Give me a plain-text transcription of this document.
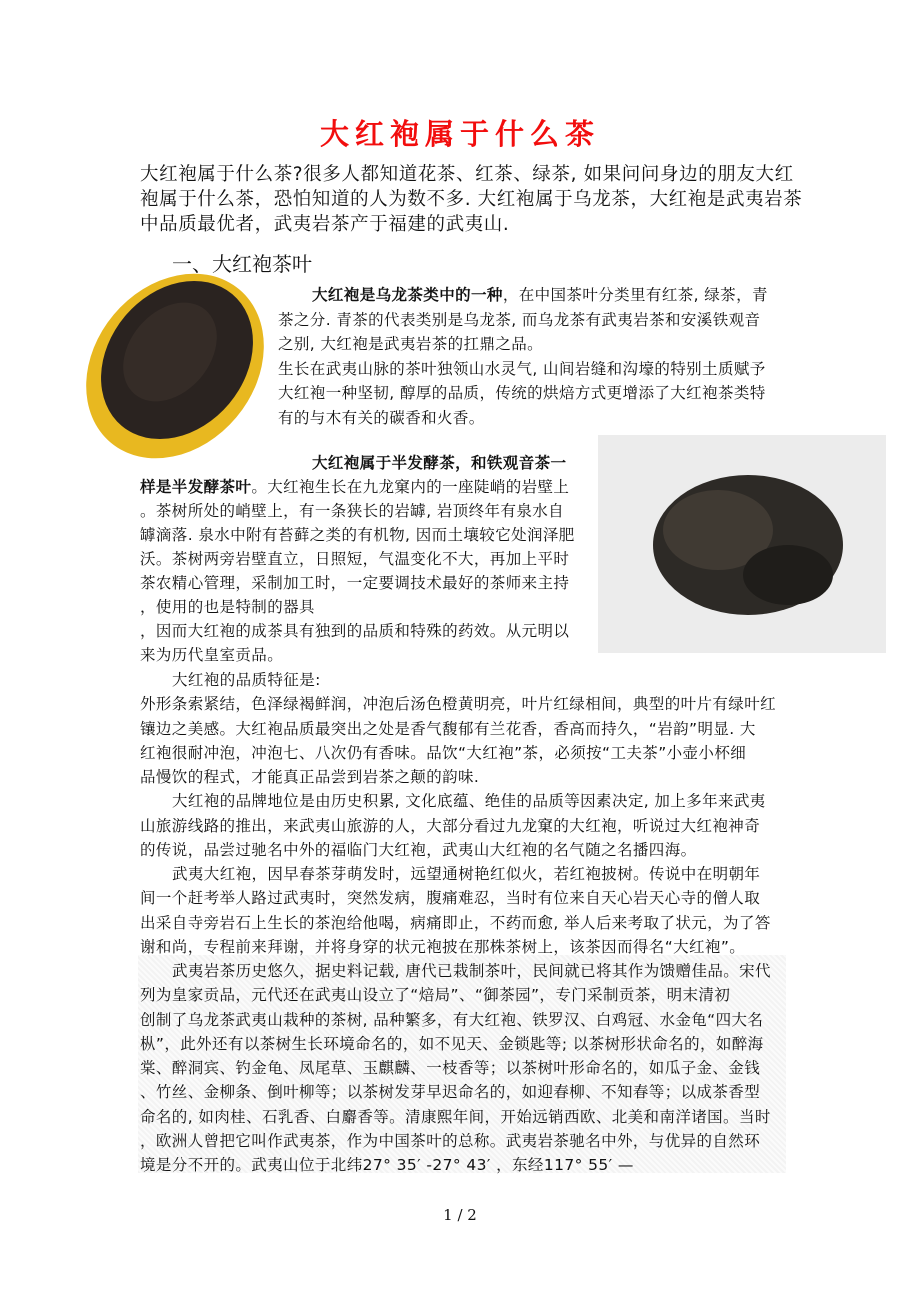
大红袍属于什么茶
大红袍属于什么茶?很多人都知道花茶、红茶、绿茶, 如果问问身边的朋友大红
袍属于什么茶，恐怕知道的人为数不多. 大红袍属于乌龙茶，大红袍是武夷岩茶
中品质最优者，武夷岩茶产于福建的武夷山.
一、大红袍茶叶
大红袍是乌龙茶类中的一种，在中国茶叶分类里有红茶, 绿茶，青
茶之分. 青茶的代表类别是乌龙茶, 而乌龙茶有武夷岩茶和安溪铁观音
之别, 大红袍是武夷岩茶的扛鼎之品。
生长在武夷山脉的茶叶独领山水灵气, 山间岩缝和沟壕的特别土质赋予
大红袍一种坚韧, 醇厚的品质，传统的烘焙方式更增添了大红袍茶类特
有的与木有关的碳香和火香。
大红袍属于半发酵茶，和铁观音茶一
样是半发酵茶叶。大红袍生长在九龙窠内的一座陡峭的岩壁上
。茶树所处的峭壁上，有一条狭长的岩罅, 岩顶终年有泉水自
罅滴落. 泉水中附有苔藓之类的有机物, 因而土壤较它处润泽肥
沃。茶树两旁岩壁直立，日照短，气温变化不大，再加上平时
茶农精心管理，采制加工时，一定要调技术最好的茶师来主持
，使用的也是特制的器具
，因而大红袍的成茶具有独到的品质和特殊的药效。从元明以
来为历代皇室贡品。
大红袍的品质特征是:
外形条索紧结，色泽绿褐鲜润，冲泡后汤色橙黄明亮，叶片红绿相间，典型的叶片有绿叶红
镶边之美感。大红袍品质最突出之处是香气馥郁有兰花香，香高而持久，“岩韵”明显. 大
红袍很耐冲泡，冲泡七、八次仍有香味。品饮“大红袍”茶，必须按“工夫茶”小壶小杯细
品慢饮的程式，才能真正品尝到岩茶之颠的韵味.
大红袍的品牌地位是由历史积累, 文化底蕴、绝佳的品质等因素决定, 加上多年来武夷
山旅游线路的推出，来武夷山旅游的人，大部分看过九龙窠的大红袍，听说过大红袍神奇
的传说，品尝过驰名中外的福临门大红袍，武夷山大红袍的名气随之名播四海。
武夷大红袍，因早春茶芽萌发时，远望通树艳红似火，若红袍披树。传说中在明朝年
间一个赶考举人路过武夷时，突然发病，腹痛难忍，当时有位来自天心岩天心寺的僧人取
出采自寺旁岩石上生长的茶泡给他喝，病痛即止，不药而愈, 举人后来考取了状元，为了答
谢和尚，专程前来拜谢，并将身穿的状元袍披在那株茶树上，该茶因而得名“大红袍”。
武夷岩茶历史悠久，据史料记载, 唐代已栽制茶叶，民间就已将其作为馈赠佳品。宋代
列为皇家贡品，元代还在武夷山设立了“焙局”、“御茶园”，专门采制贡茶，明末清初
创制了乌龙茶武夷山栽种的茶树, 品种繁多，有大红袍、铁罗汉、白鸡冠、水金龟“四大名
枞”，此外还有以茶树生长环境命名的，如不见天、金锁匙等; 以茶树形状命名的，如醉海
棠、醉洞宾、钓金龟、凤尾草、玉麒麟、一枝香等；以茶树叶形命名的，如瓜子金、金钱
、竹丝、金柳条、倒叶柳等；以茶树发芽早迟命名的，如迎春柳、不知春等；以成茶香型
命名的, 如肉桂、石乳香、白麝香等。清康熙年间，开始远销西欧、北美和南洋诸国。当时
，欧洲人曾把它叫作武夷茶，作为中国茶叶的总称。武夷岩茶驰名中外，与优异的自然环
境是分不开的。武夷山位于北纬27° 35′ -27° 43′ ，东经117° 55′ —
1 / 2
